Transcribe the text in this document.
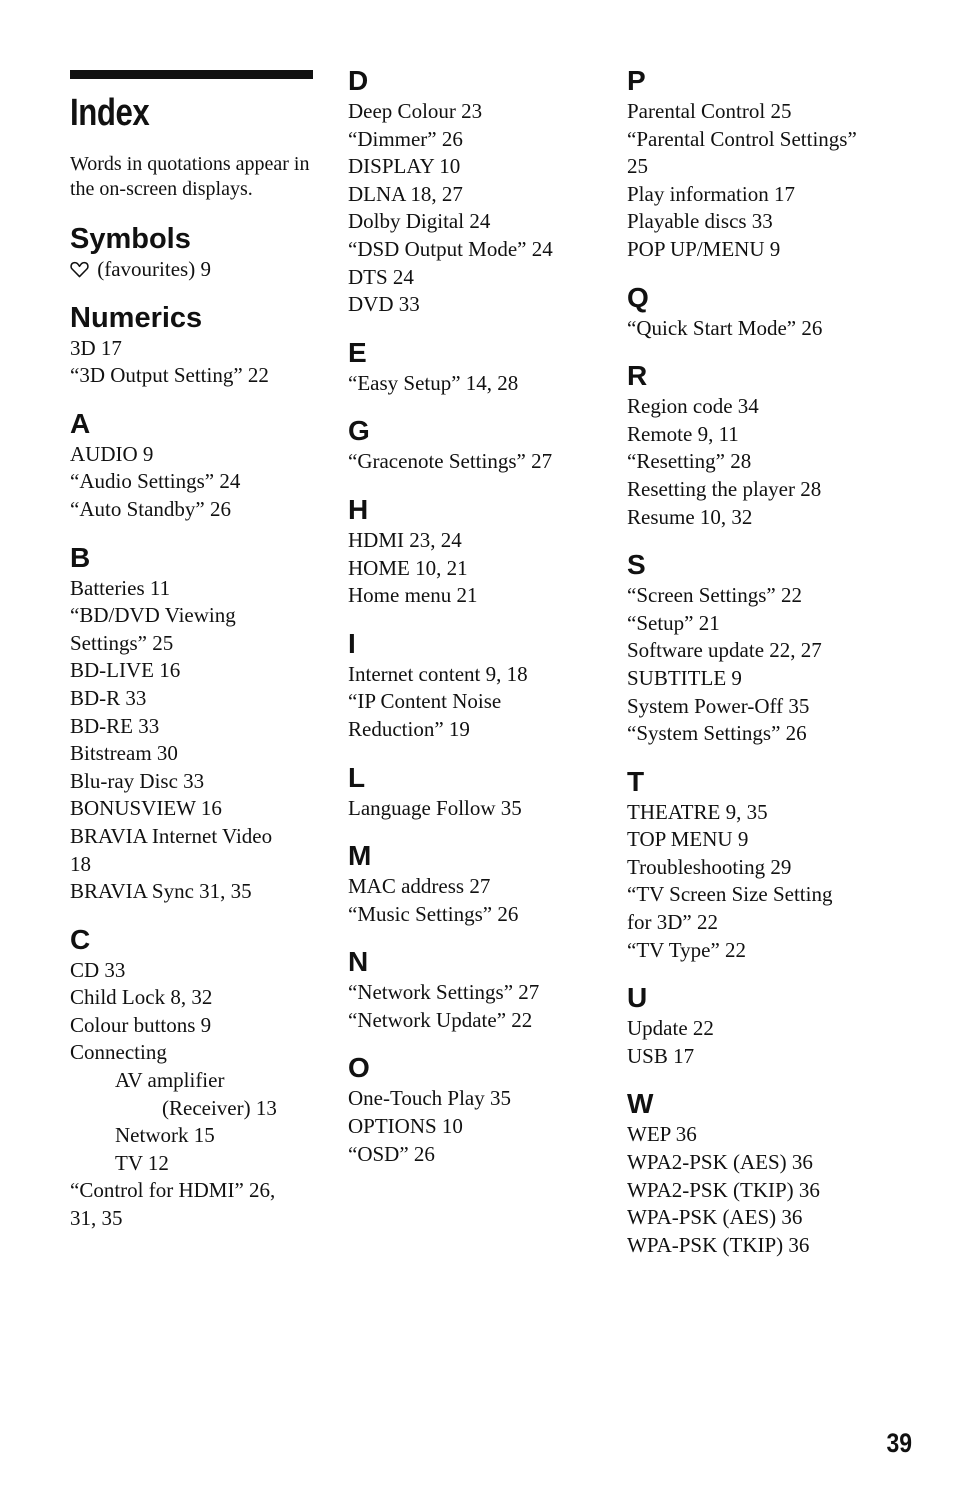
Index
Words in quotations appear in the on-screen displays.
Symbols
(favourites) 9
Numerics
3D 17
“3D Output Setting” 22
A
AUDIO 9
“Audio Settings” 24
“Auto Standby” 26
B
Batteries 11
“BD/DVD Viewing
Settings” 25
BD-LIVE 16
BD-R 33
BD-RE 33
Bitstream 30
Blu-ray Disc 33
BONUSVIEW 16
BRAVIA Internet Video
18
BRAVIA Sync 31, 35
C
CD 33
Child Lock 8, 32
Colour buttons 9
Connecting
AV amplifier
(Receiver) 13
Network 15
TV 12
“Control for HDMI” 26,
31, 35
D
Deep Colour 23
“Dimmer” 26
DISPLAY 10
DLNA 18, 27
Dolby Digital 24
“DSD Output Mode” 24
DTS 24
DVD 33
E
“Easy Setup” 14, 28
G
“Gracenote Settings” 27
H
HDMI 23, 24
HOME 10, 21
Home menu 21
I
Internet content 9, 18
“IP Content Noise
Reduction” 19
L
Language Follow 35
M
MAC address 27
“Music Settings” 26
N
“Network Settings” 27
“Network Update” 22
O
One-Touch Play 35
OPTIONS 10
“OSD” 26
P
Parental Control 25
“Parental Control Settings”
25
Play information 17
Playable discs 33
POP UP/MENU 9
Q
“Quick Start Mode” 26
R
Region code 34
Remote 9, 11
“Resetting” 28
Resetting the player 28
Resume 10, 32
S
“Screen Settings” 22
“Setup” 21
Software update 22, 27
SUBTITLE 9
System Power-Off 35
“System Settings” 26
T
THEATRE 9, 35
TOP MENU 9
Troubleshooting 29
“TV Screen Size Setting
for 3D” 22
“TV Type” 22
U
Update 22
USB 17
W
WEP 36
WPA2-PSK (AES) 36
WPA2-PSK (TKIP) 36
WPA-PSK (AES) 36
WPA-PSK (TKIP) 36
39
